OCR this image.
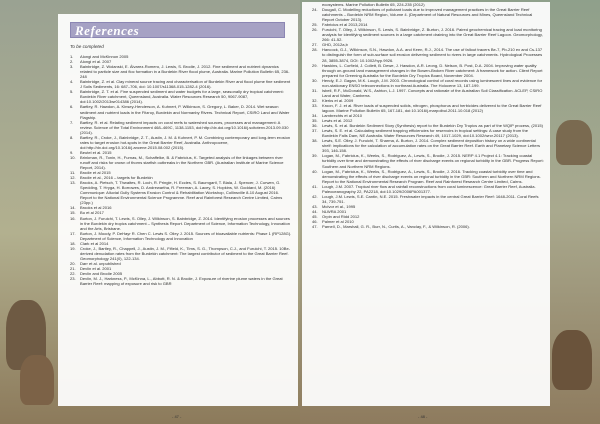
References
To be completed
1.	Alongi and McKinnon 2005
2.	Alongi et al. 2007
3.	Bainbridge, Z. Wolanski, E. Álvarez-Romero, J. Lewis, S. Brodie, J. 2012. Fine sediment and nutrient dynamics related to particle size and floc formation in a Burdekin River flood plume, Australia. Marine Pollution Bulletin 65, 236-248
4.	Bainbridge, Z. et al. Clay mineral source tracing and characterisation of Burdekin River and flood plume fine sediment J Soils Sediments, 16: 687–706, doi: 10.1007/s11368-015-1282-4 (2016).
5.	Bainbridge, Z. T. et al. Fine suspended sediment and water budgets for a large, seasonally dry tropical catchment: Burdekin River catchment, Queensland, Australia. Water Resources Research 50, 9067-9087, doi:10.1002/2013wr014386 (2014).
6.	Bartley, R. Hawdon, A. Kinsey-Henderson, A. Kuhnert, P. Wilkinson, S. Gregory, L. Baker, D. 2014. Wet season sediment and nutrient loads in the Fitzroy, Burdekin and Normanby Rivers. Technical Report, CSIRO Land and Water Flagship.
7.	Bartley, R. et al. Relating sediment impacts on coral reefs to watershed sources, processes and management: A review. Science of the Total Environment 468–469C, 1138-1153, doi:http://dx.doi.org/10.1016/j.scitotenv.2013.09.030 (2014).
8.	Bartley, R., Croke, J., Bainbridge, Z. T., Austin, J. M. & Kuhnert, P. M. Combining contemporary and long-term erosion rates to target erosion hot-spots in the Great Barrier Reef, Australia. Anthropocene, doi:http://dx.doi.org/10.1016/j.ancene.2015.08.002 (2015).
9.	Beutel et al. 2015
10.	Brinkman, R., Tonin, H., Furnas, M., Schaffelke, B. & Fabricius, K. Targeted analysis of the linkages between river runoff and risks for crown of thorns starfish outbreaks in the Northern GBR. (Australian Institute of Marine Science Report, 2014).
11.	Brodie et al 2015
12.	Brodie et al., 2016 – targets for Burdekin
13.	Brooks, A. Pietsch, T. Thwaites, R. Loch, R. Pringle, H. Eccles, S. Baumgartl, T. Biala, J. Spencer, J. Curwen, G. Spedding, T. Hryga, H. Borrowes, D. Andrewartha, R. Freeman, A. Lacey, S. Hopkins, W. Goddard, M. (2016) Communique: Alluvial Gully Systems Erosion Control & Rehabilitation Workshop, Collinsville 8-10 August 2016. Report to the National Environmental Science Programme. Reef and Rainforest Research Centre Limited, Cairns (23pp.)
14.	Brooks et al 2016
15.	Bu et al 2017
16.	Burton, J. Furuichi, T. Lewis, S. Olley, J. Wilkinson, S. Bainbridge, Z. 2014. Identifying erosion processes and sources in the Burdekin dry tropics catchment – Synthesis Report. Department of Science, Information Technology, Innovation and the Arts, Brisbane.
17.	Burton, J. Moody, P. DeHayr R. Chen C. Lewis S. Olley J. 2015. Sources of bioavailable nutrients: Phase 1 (RP128G). Department of Science, Information Technology and Innovation
18.	Clark et al 2014
19.	Croke, J., Bartley, R., Chappell, J., Austin, J. M., Fifield, K., Tims, S. G., Thompson, C.J., and Furuichi, T. 2015. 10Be-derived denudation rates from the Burdekin catchment: The largest contributor of sediment to the Great Barrier Reef. Geomorphology 241(0), 122-134.
20.	Darr et al. unpublished
21.	Devlin et al. 2001
22.	Devlin and Brodie 2005
23.	Devlin, M. J., Harkness, P., McKinna, L., Abbott, R. N. & Brodie, J. Exposure of riverine plume waters in the Great Barrier Reef: mapping of exposure and risk to GBR
ecosystems. Marine Pollution Bulletin 65, 224-235 (2012)
24.	Dougall, C. Modelling reductions of pollutant loads due to improved management practices in the Great Barrier Reef catchments – Burdekin NRM Region, Volume 4. (Department of Natural Resources and Mines, Queensland Technical Report October 2013).
25.	Fabricius et al 2013,2014
26.	Furuichi, T. Olley, J. Wilkinson, S. Lewis, S. Bainbridge, Z. Burton, J. 2016. Paired geochemical tracing and load monitoring analysis for identifying sediment sources in a large catchment draining into the Great Barrier Reef Lagoon. Geomorphology, 266: 41-52.
27.	GHD, 2012a,b
28.	Hancock, G.J., Wilkinson, S.N., Hawdon, A.A. and Keen, R.J., 2014. The use of fallout tracers Be-7, Pb-210 ex and Cs-137 to distinguish the form of sub-surface soil erosion delivering sediment to rivers in large catchments. Hydrological Processes 28, 3855-3874, DOI: 10.1002/hyp.9926.
29.	Hawkins, L. Corfield, J. Collett, B. Dewe, J. Hawdon, A.R. Leong, D. Nelson, B. Post, D.A. 2004. Improving water quality through on-ground land management changes in the Bowen-Broken River catchment: A framework for action. Client Report prepared for Greening Australia for the Burdekin Dry Tropics Board, November 2004.
30.	Hendy, E.J. Gagan, M.K. Lough, J.M. 2003. Chronological control of coral records using luminescent lines and evidence for non-stationary ENSO teleconnections in northeast Australia. The Holocene 13, 187-199.
31.	Isbell, R.F., McDonald, W.S., Ashton, L.J. 1997. Concepts and rationale of the Australian Soil Classification. ACLEP, CSIRO Land and Water, Canberra.
32.	Klerks et al. 2009
33.	Kroon, F. J. et al. River loads of suspended solids, nitrogen, phosphorus and herbicides delivered to the Great Barrier Reef lagoon. Marine Pollution Bulletin 65, 167-181, doi:10.1016/j.marpolbul.2011.10.018 (2012)
34.	Lambrechts et al 2010
35.	Lewis et al. 2012
36.	Lewis, S. et al. Burdekin Sediment Story (Synthesis) report to the Burdekin Dry Tropics as part of the WQIP process, (2015)
37.	Lewis, S. E. et al. Calculating sediment trapping efficiencies for reservoirs in tropical settings: A case study from the Burdekin Falls Dam, NE Australia. Water Resources Research 49, 1017-1029, doi:10.1002/wrcr.20117 (2013).
38.	Lewis, S.E. Olley, J. Furuichi, T. Sharma, A. Burton, J. 2014. Complex sediment deposition history on a wide continental shelf: implications for the calculation of accumulation rates on the Great Barrier Reef. Earth and Planetary Science Letters 393, 146-158.
39.	Logan, M., Fabricius, K., Weeks, S., Rodriguez, A., Lewis, S., Brodie, J. 2015. NERP 4.1 Project 4.1: Tracking coastal turbidity over time and demonstrating the effects of river discharge events on regional turbidity in the GBR. Progress Report: Southern and Northern NRM Regions.
40.	Logan, M., Fabricius, K., Weeks, S., Rodriguez, A., Lewis, S., Brodie, J. 2016. Tracking coastal turbidity over time and demonstrating the effects of river discharge events on regional turbidity in the GBR: Southern and Northern NRM Regions. Report to the National Environmental Research Program. Reef and Rainforest Research Centre Limited, Cairns.
41.	Lough, J.M. 2007. Tropical river flow and rainfall reconstructions from coral luminescence: Great Barrier Reef, Australia. Paleoceanography 22, PA2218, doi:10.1029/2006PA001377.
42.	Lough, J.M. Lewis, S.E. Cantin, N.E. 2015. Freshwater impacts in the central Great Barrier Reef: 1648-2011. Coral Reefs 34, 739-751.
43.	McIvor et al., 1995
44.	NLWRA 2001
45.	Orpin and Ridd 2012
46.	Palmer et al 2010
47.	Parnell, D., Marshall, G. R., Burr, N., Curtis, A., Vanclay, F., & Wilkinson, R. (2006).
- 47 -	- 48 -
